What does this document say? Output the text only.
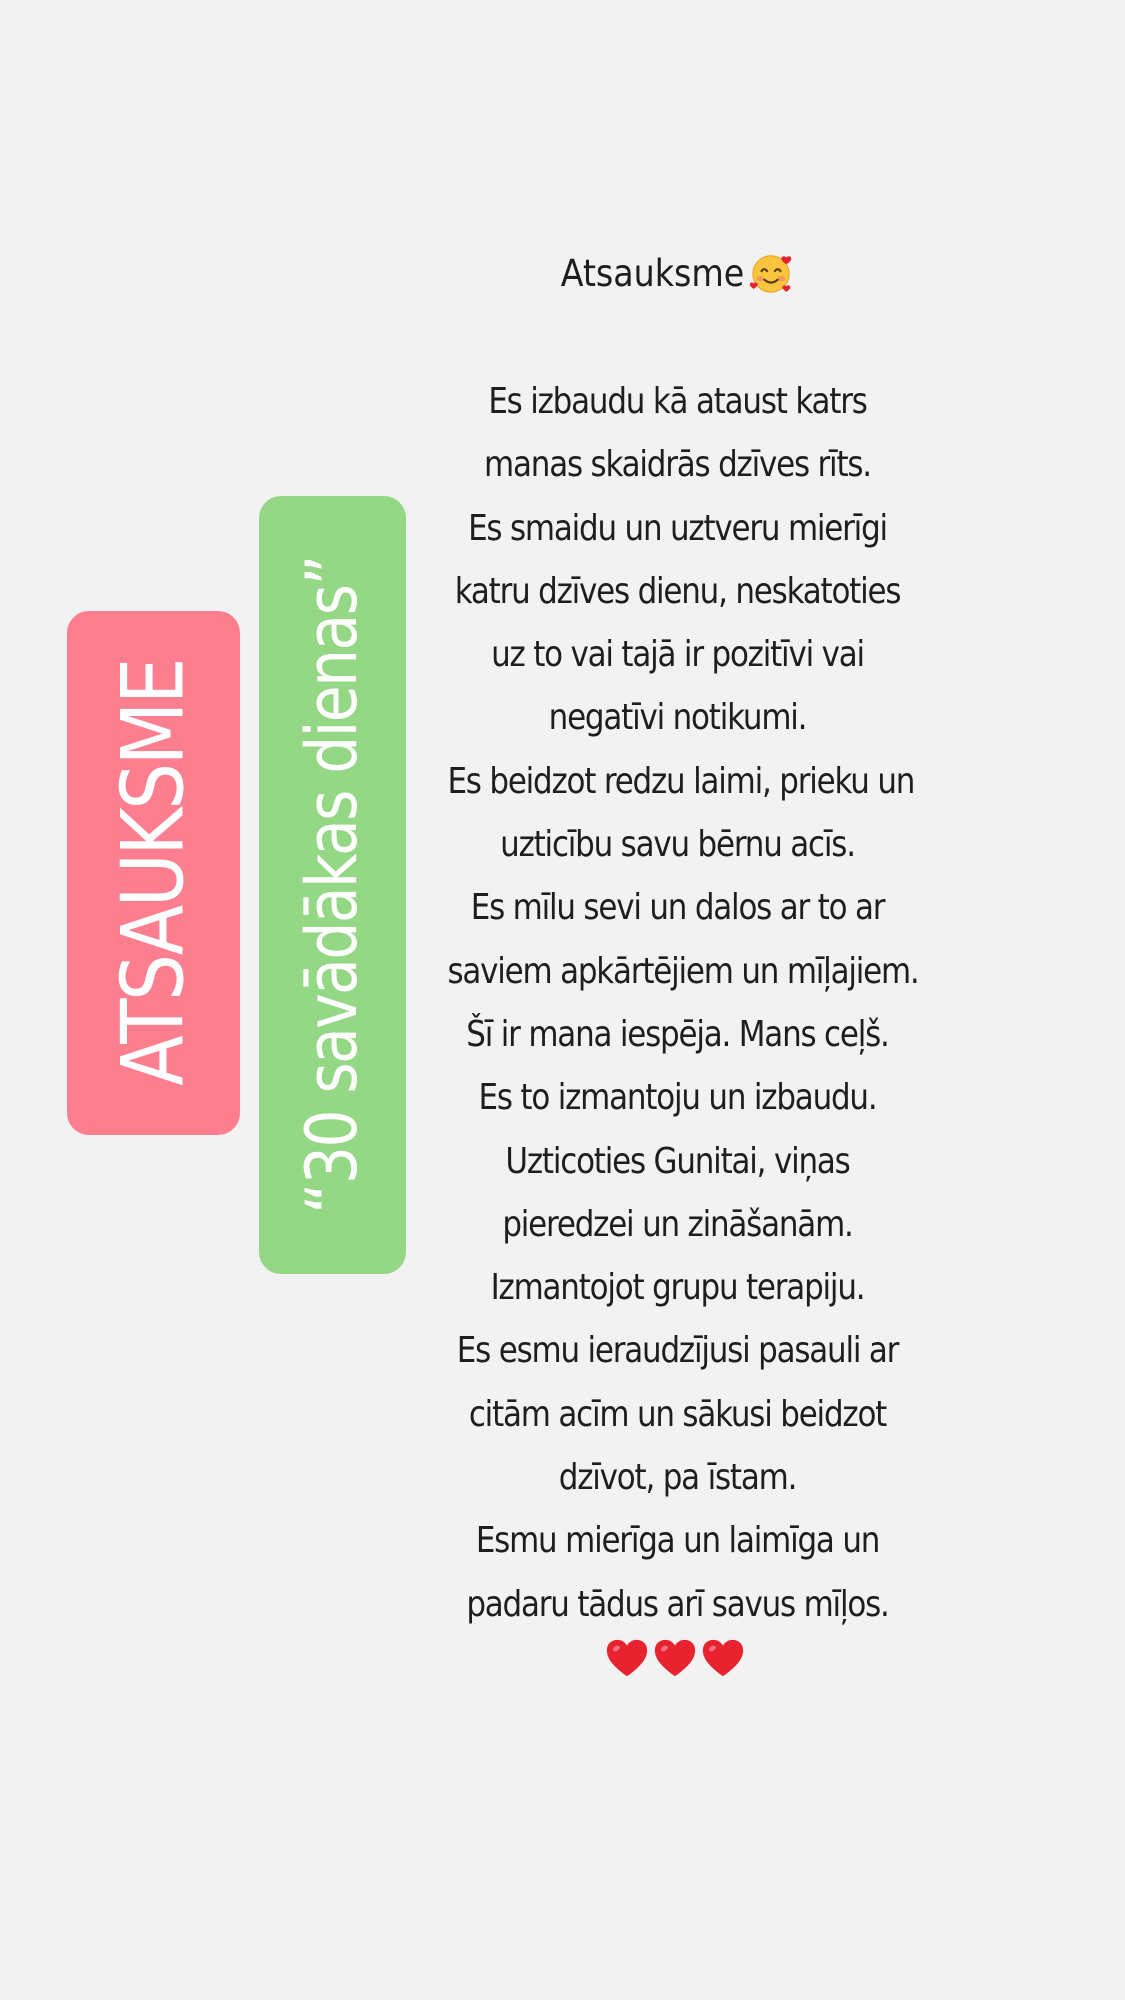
ATSAUKSME “30 savādākas dienas”
Atsauksme
Es izbaudu kā ataust katrs
manas skaidrās dzīves rīts.
Es smaidu un uztveru mierīgi
katru dzīves dienu, neskatoties
uz to vai tajā ir pozitīvi vai
negatīvi notikumi.
Es beidzot redzu laimi, prieku un
uzticību savu bērnu acīs.
Es mīlu sevi un dalos ar to ar
saviem apkārtējiem un mīļajiem.
Šī ir mana iespēja. Mans ceļš.
Es to izmantoju un izbaudu.
Uzticoties Gunitai, viņas
pieredzei un zināšanām.
Izmantojot grupu terapiju.
Es esmu ieraudzījusi pasauli ar
citām acīm un sākusi beidzot
dzīvot, pa īstam.
Esmu mierīga un laimīga un
padaru tādus arī savus mīļos.
